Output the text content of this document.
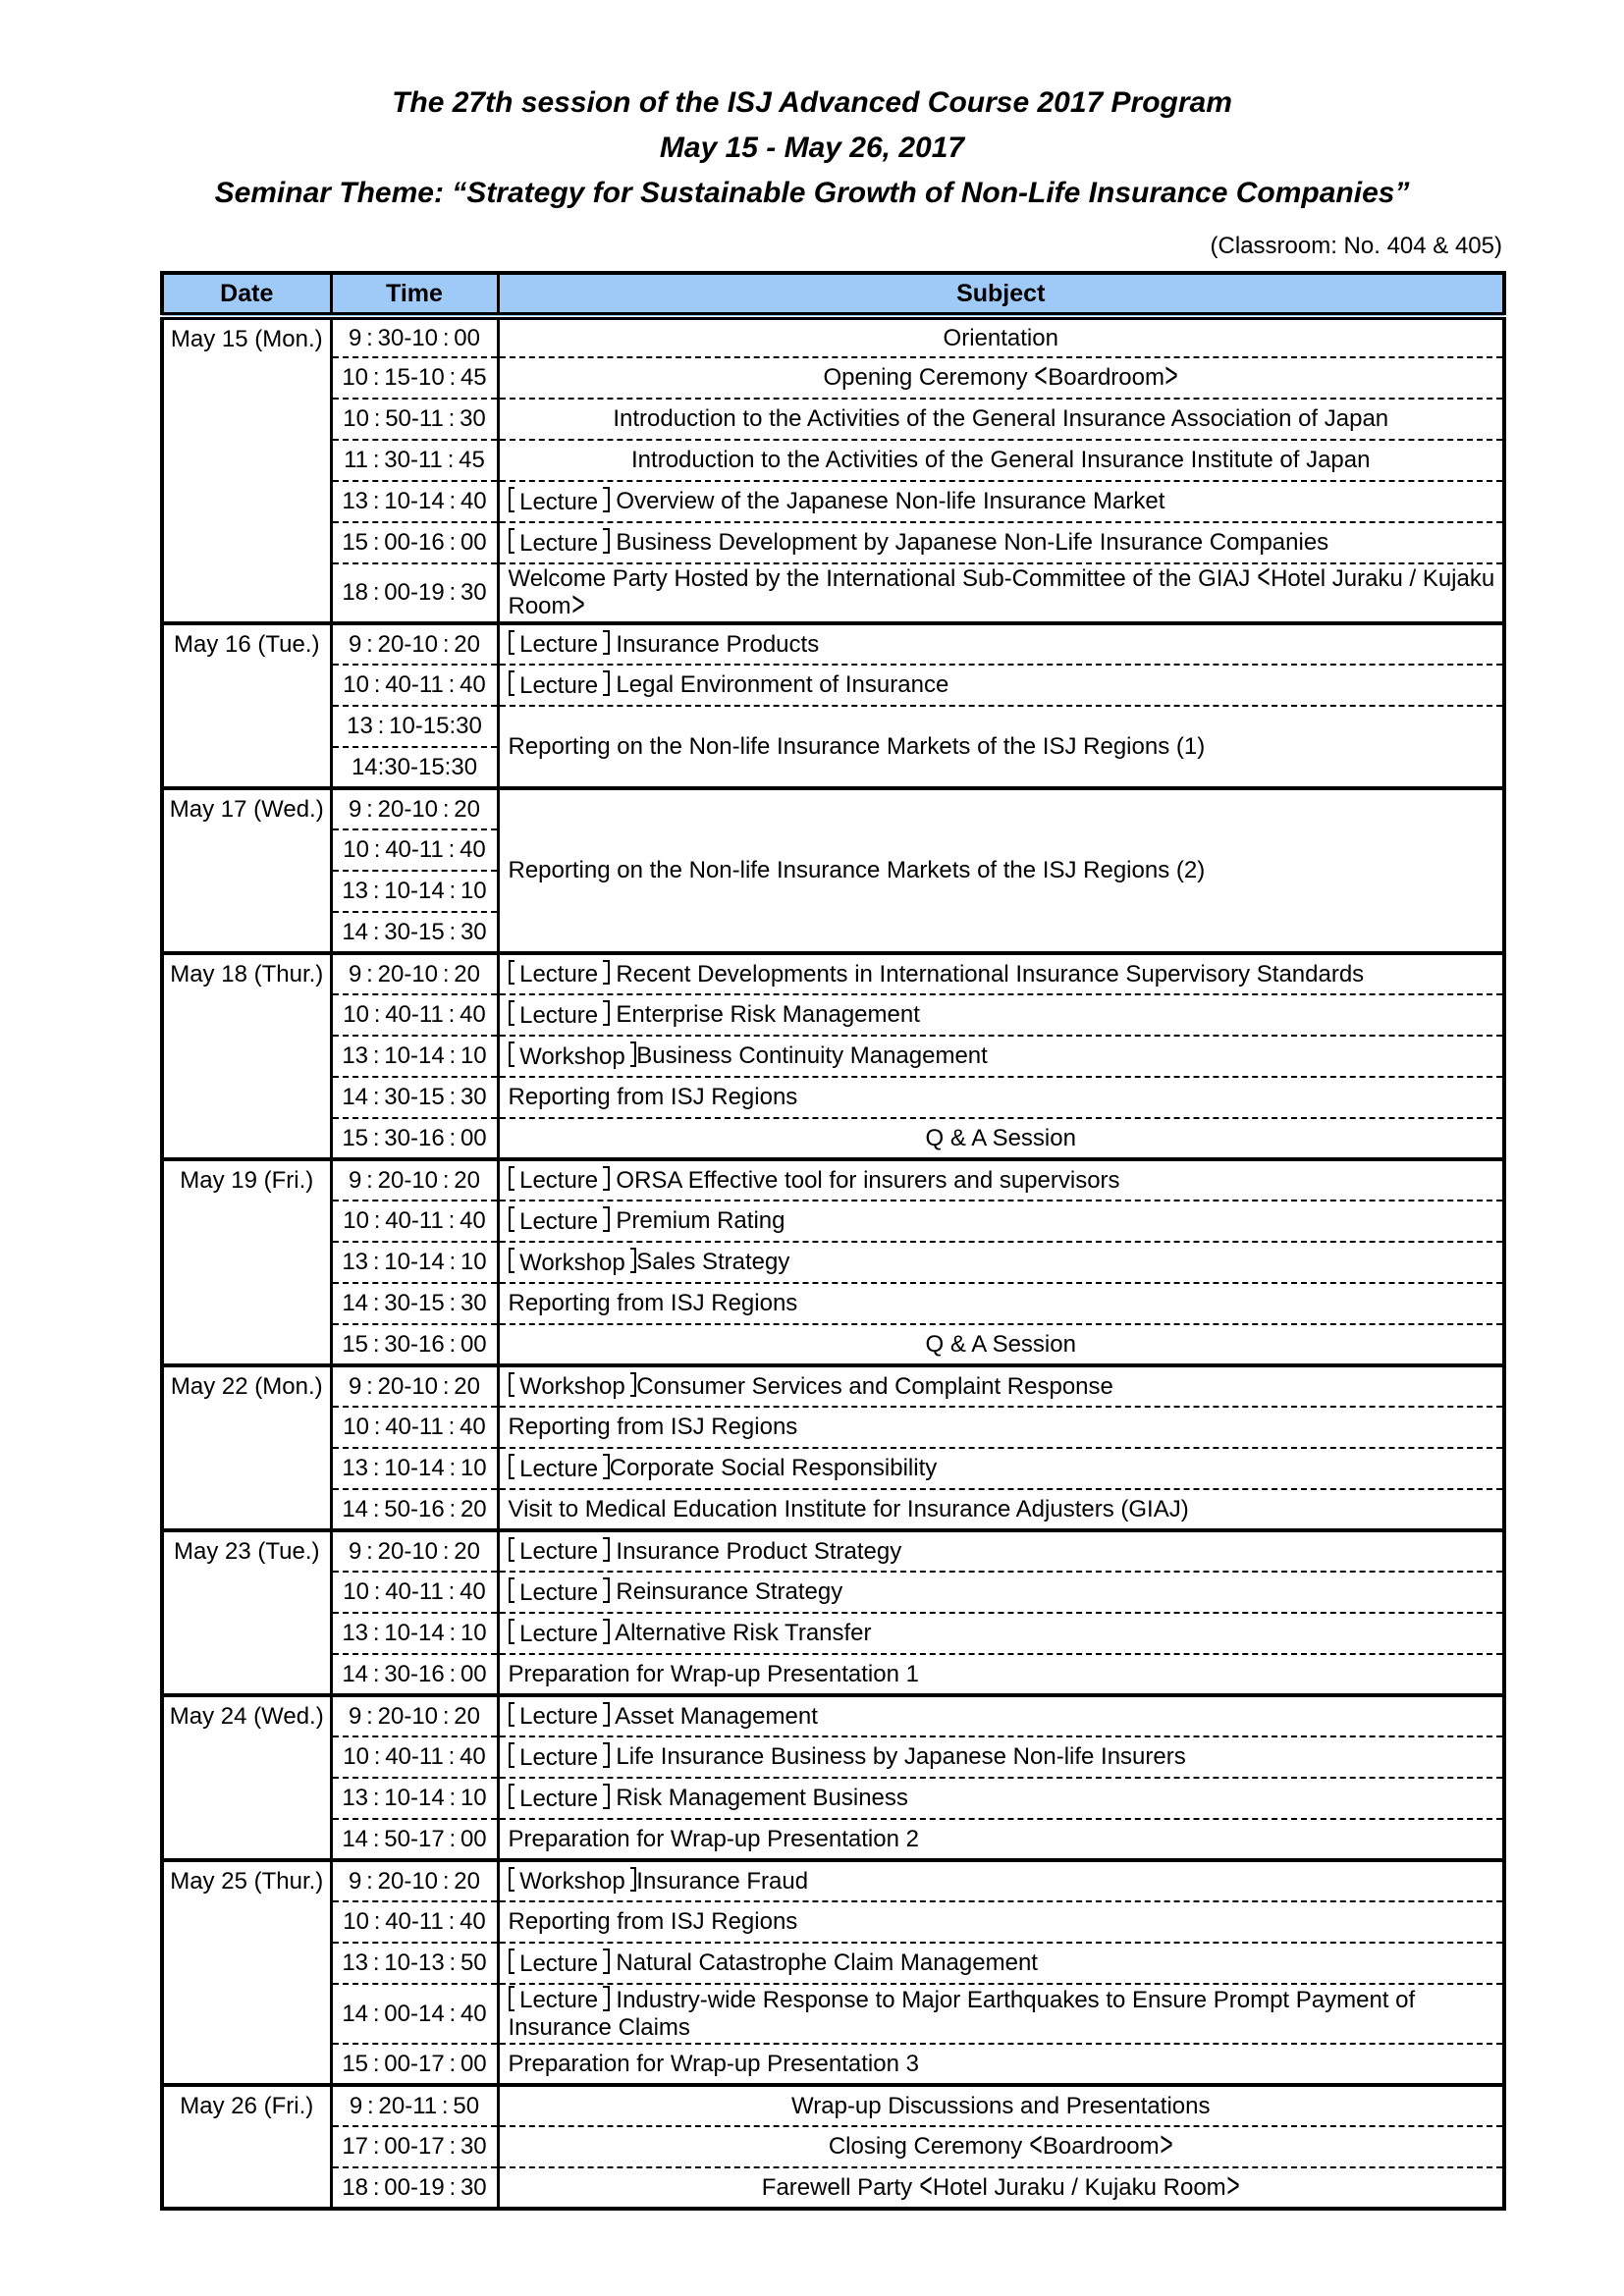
The 27th session of the ISJ Advanced Course 2017 Program
May 15 - May 26, 2017
Seminar Theme: “Strategy for Sustainable Growth of Non-Life Insurance Companies”
(Classroom: No. 404 & 405)
Date	Time	Subject
May 15 (Mon.)	9 : 30-10 : 00	Orientation
	10 : 15-10 : 45	Opening Ceremony <Boardroom>
	10 : 50-11 : 30	Introduction to the Activities of the General Insurance Association of Japan
	11 : 30-11 : 45	Introduction to the Activities of the General Insurance Institute of Japan
	13 : 10-14 : 40	Lecture Overview of the Japanese Non-life Insurance Market
	15 : 00-16 : 00	Lecture Business Development by Japanese Non-Life Insurance Companies
	18 : 00-19 : 30	Welcome Party Hosted by the International Sub-Committee of the GIAJ <Hotel Juraku / Kujaku Room>
May 16 (Tue.)	9 : 20-10 : 20	Lecture Insurance Products
	10 : 40-11 : 40	Lecture Legal Environment of Insurance
	13 : 10-15:30	Reporting on the Non-life Insurance Markets of the ISJ Regions (1)
	14:30-15:30	
May 17 (Wed.)	9 : 20-10 : 20	Reporting on the Non-life Insurance Markets of the ISJ Regions (2)
	10 : 40-11 : 40	
	13 : 10-14 : 10	
	14 : 30-15 : 30	
May 18 (Thur.)	9 : 20-10 : 20	Lecture Recent Developments in International Insurance Supervisory Standards
	10 : 40-11 : 40	Lecture Enterprise Risk Management
	13 : 10-14 : 10	Workshop Business Continuity Management
	14 : 30-15 : 30	Reporting from ISJ Regions
	15 : 30-16 : 00	Q & A Session
May 19 (Fri.)	9 : 20-10 : 20	Lecture ORSA Effective tool for insurers and supervisors
	10 : 40-11 : 40	Lecture Premium Rating
	13 : 10-14 : 10	Workshop Sales Strategy
	14 : 30-15 : 30	Reporting from ISJ Regions
	15 : 30-16 : 00	Q & A Session
May 22 (Mon.)	9 : 20-10 : 20	Workshop Consumer Services and Complaint Response
	10 : 40-11 : 40	Reporting from ISJ Regions
	13 : 10-14 : 10	Lecture Corporate Social Responsibility
	14 : 50-16 : 20	Visit to Medical Education Institute for Insurance Adjusters (GIAJ)
May 23 (Tue.)	9 : 20-10 : 20	Lecture Insurance Product Strategy
	10 : 40-11 : 40	Lecture Reinsurance Strategy
	13 : 10-14 : 10	Lecture Alternative Risk Transfer
	14 : 30-16 : 00	Preparation for Wrap-up Presentation 1
May 24 (Wed.)	9 : 20-10 : 20	Lecture Asset Management
	10 : 40-11 : 40	Lecture Life Insurance Business by Japanese Non-life Insurers
	13 : 10-14 : 10	Lecture Risk Management Business
	14 : 50-17 : 00	Preparation for Wrap-up Presentation 2
May 25 (Thur.)	9 : 20-10 : 20	Workshop Insurance Fraud
	10 : 40-11 : 40	Reporting from ISJ Regions
	13 : 10-13 : 50	Lecture Natural Catastrophe Claim Management
	14 : 00-14 : 40	Lecture Industry-wide Response to Major Earthquakes to Ensure Prompt Payment of Insurance Claims
	15 : 00-17 : 00	Preparation for Wrap-up Presentation 3
May 26 (Fri.)	9 : 20-11 : 50	Wrap-up Discussions and Presentations
	17 : 00-17 : 30	Closing Ceremony <Boardroom>
	18 : 00-19 : 30	Farewell Party <Hotel Juraku / Kujaku Room>
